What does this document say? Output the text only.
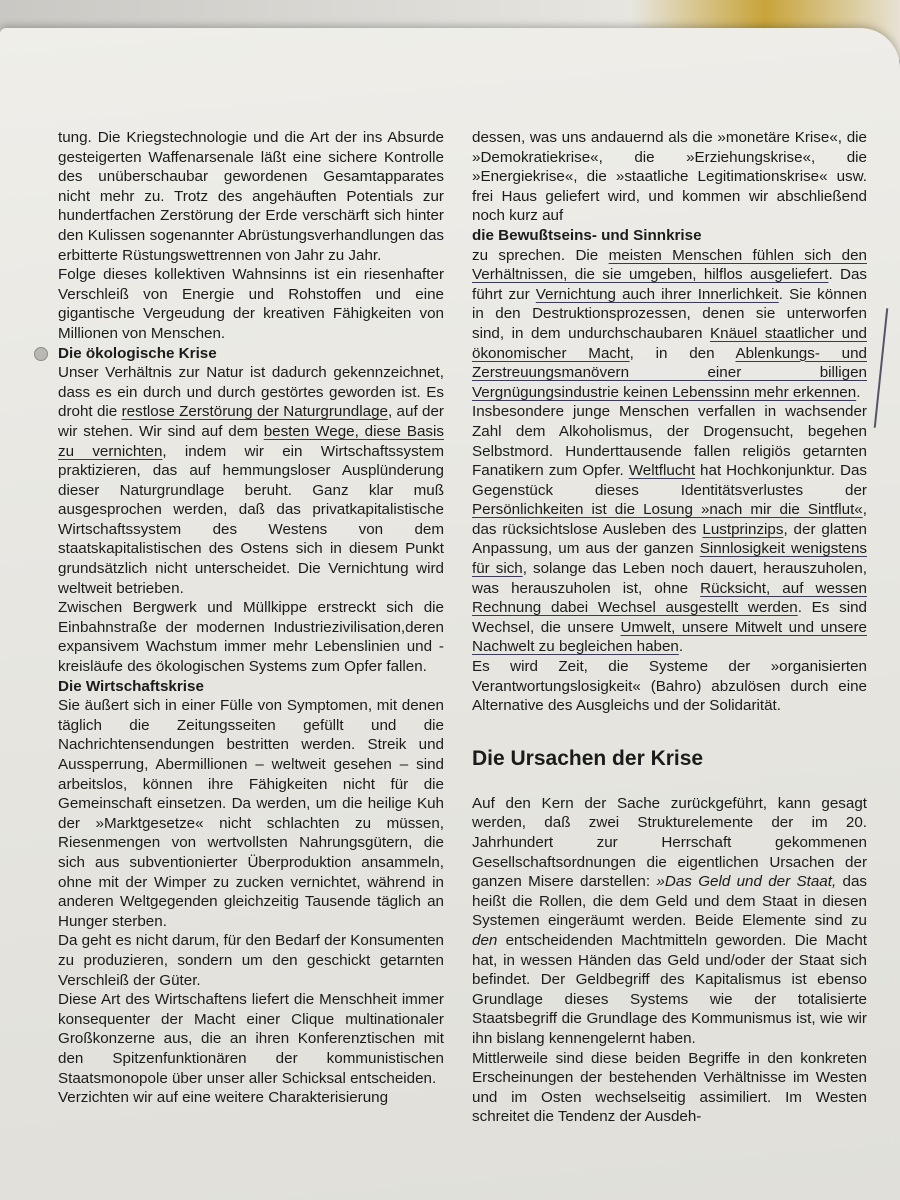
tung. Die Kriegstechnologie und die Art der ins Absurde gesteigerten Waffenarsenale läßt eine sichere Kontrolle des unüberschaubar gewordenen Gesamtapparates nicht mehr zu. Trotz des angehäuften Potentials zur hundertfachen Zerstörung der Erde verschärft sich hinter den Kulissen sogenannter Abrüstungsverhandlungen das erbitterte Rüstungswettrennen von Jahr zu Jahr.

Folge dieses kollektiven Wahnsinns ist ein riesenhafter Verschleiß von Energie und Rohstoffen und eine gigantische Vergeudung der kreativen Fähigkeiten von Millionen von Menschen.

Die ökologische Krise

Unser Verhältnis zur Natur ist dadurch gekennzeichnet, dass es ein durch und durch gestörtes geworden ist. Es droht die restlose Zerstörung der Naturgrundlage, auf der wir stehen. Wir sind auf dem besten Wege, diese Basis zu vernichten, indem wir ein Wirtschaftssystem praktizieren, das auf hemmungsloser Ausplünderung dieser Naturgrundlage beruht. Ganz klar muß ausgesprochen werden, daß das privatkapitalistische Wirtschaftssystem des Westens von dem staatskapitalistischen des Ostens sich in diesem Punkt grundsätzlich nicht unterscheidet. Die Vernichtung wird weltweit betrieben.

Zwischen Bergwerk und Müllkippe erstreckt sich die Einbahnstraße der modernen Industriezivilisation,deren expansivem Wachstum immer mehr Lebenslinien und -kreisläufe des ökologischen Systems zum Opfer fallen.

Die Wirtschaftskrise

Sie äußert sich in einer Fülle von Symptomen, mit denen täglich die Zeitungsseiten gefüllt und die Nachrichtensendungen bestritten werden. Streik und Aussperrung, Abermillionen – weltweit gesehen – sind arbeitslos, können ihre Fähigkeiten nicht für die Gemeinschaft einsetzen. Da werden, um die heilige Kuh der »Marktgesetze« nicht schlachten zu müssen, Riesenmengen von wertvollsten Nahrungsgütern, die sich aus subventionierter Überproduktion ansammeln, ohne mit der Wimper zu zucken vernichtet, während in anderen Weltgegenden gleichzeitig Tausende täglich an Hunger sterben.

Da geht es nicht darum, für den Bedarf der Konsumenten zu produzieren, sondern um den geschickt getarnten Verschleiß der Güter.

Diese Art des Wirtschaftens liefert die Menschheit immer konsequenter der Macht einer Clique multinationaler Großkonzerne aus, die an ihren Konferenztischen mit den Spitzenfunktionären der kommunistischen Staatsmonopole über unser aller Schicksal entscheiden.

Verzichten wir auf eine weitere Charakterisierung

dessen, was uns andauernd als die »monetäre Krise«, die »Demokratiekrise«, die »Erziehungskrise«, die »Energiekrise«, die »staatliche Legitimationskrise« usw. frei Haus geliefert wird, und kommen wir abschließend noch kurz auf

die Bewußtseins- und Sinnkrise

zu sprechen. Die meisten Menschen fühlen sich den Verhältnissen, die sie umgeben, hilflos ausgeliefert. Das führt zur Vernichtung auch ihrer Innerlichkeit. Sie können in den Destruktionsprozessen, denen sie unterworfen sind, in dem undurchschaubaren Knäuel staatlicher und ökonomischer Macht, in den Ablenkungs- und Zerstreuungsmanövern einer billigen Vergnügungsindustrie keinen Lebenssinn mehr erkennen.

Insbesondere junge Menschen verfallen in wachsender Zahl dem Alkoholismus, der Drogensucht, begehen Selbstmord. Hunderttausende fallen religiös getarnten Fanatikern zum Opfer. Weltflucht hat Hochkonjunktur. Das Gegenstück dieses Identitätsverlustes der Persönlichkeiten ist die Losung »nach mir die Sintflut«, das rücksichtslose Ausleben des Lustprinzips, der glatten Anpassung, um aus der ganzen Sinnlosigkeit wenigstens für sich, solange das Leben noch dauert, herauszuholen, was herauszuholen ist, ohne Rücksicht, auf wessen Rechnung dabei Wechsel ausgestellt werden. Es sind Wechsel, die unsere Umwelt, unsere Mitwelt und unsere Nachwelt zu begleichen haben.

Es wird Zeit, die Systeme der »organisierten Verantwortungslosigkeit« (Bahro) abzulösen durch eine Alternative des Ausgleichs und der Solidarität.

Die Ursachen der Krise

Auf den Kern der Sache zurückgeführt, kann gesagt werden, daß zwei Strukturelemente der im 20. Jahrhundert zur Herrschaft gekommenen Gesellschaftsordnungen die eigentlichen Ursachen der ganzen Misere darstellen: »Das Geld und der Staat, das heißt die Rollen, die dem Geld und dem Staat in diesen Systemen eingeräumt werden. Beide Elemente sind zu den entscheidenden Machtmitteln geworden. Die Macht hat, in wessen Händen das Geld und/oder der Staat sich befindet. Der Geldbegriff des Kapitalismus ist ebenso Grundlage dieses Systems wie der totalisierte Staatsbegriff die Grundlage des Kommunismus ist, wie wir ihn bislang kennengelernt haben.

Mittlerweile sind diese beiden Begriffe in den konkreten Erscheinungen der bestehenden Verhältnisse im Westen und im Osten wechselseitig assimiliert. Im Westen schreitet die Tendenz der Ausdeh-
